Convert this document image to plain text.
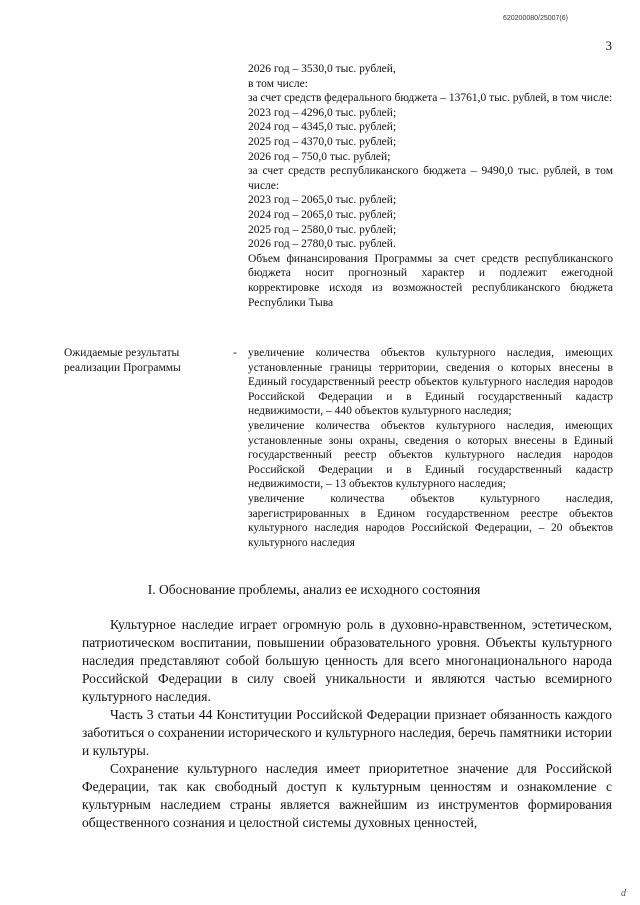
620200080/25007(6)
3
2026 год – 3530,0 тыс. рублей,
в том числе:
за счет средств федерального бюджета – 13761,0 тыс. рублей, в том числе:
2023 год – 4296,0 тыс. рублей;
2024 год – 4345,0 тыс. рублей;
2025 год – 4370,0 тыс. рублей;
2026 год – 750,0 тыс. рублей;
за счет средств республиканского бюджета – 9490,0 тыс. рублей, в том числе:
2023 год – 2065,0 тыс. рублей;
2024 год – 2065,0 тыс. рублей;
2025 год – 2580,0 тыс. рублей;
2026 год – 2780,0 тыс. рублей.
Объем финансирования Программы за счет средств республиканского бюджета носит прогнозный характер и подлежит ежегодной корректировке исходя из возможностей республиканского бюджета Республики Тыва
Ожидаемые результаты реализации Программы
- увеличение количества объектов культурного наследия, имеющих установленные границы территории, сведения о которых внесены в Единый государственный реестр объектов культурного наследия народов Российской Федерации и в Единый государственный кадастр недвижимости, – 440 объектов культурного наследия;
увеличение количества объектов культурного наследия, имеющих установленные зоны охраны, сведения о которых внесены в Единый государственный реестр объектов культурного наследия народов Российской Федерации и в Единый государственный кадастр недвижимости, – 13 объектов культурного наследия;
увеличение количества объектов культурного наследия, зарегистрированных в Едином государственном реестре объектов культурного наследия народов Российской Федерации, – 20 объектов культурного наследия
I. Обоснование проблемы, анализ ее исходного состояния

Культурное наследие играет огромную роль в духовно-нравственном, эстетическом, патриотическом воспитании, повышении образовательного уровня. Объекты культурного наследия представляют собой большую ценность для всего многонационального народа Российской Федерации в силу своей уникальности и являются частью всемирного культурного наследия.

Часть 3 статьи 44 Конституции Российской Федерации признает обязанность каждого заботиться о сохранении исторического и культурного наследия, беречь памятники истории и культуры.

Сохранение культурного наследия имеет приоритетное значение для Российской Федерации, так как свободный доступ к культурным ценностям и ознакомление с культурным наследием страны является важнейшим из инструментов формирования общественного сознания и целостной системы духовных ценностей,

d
